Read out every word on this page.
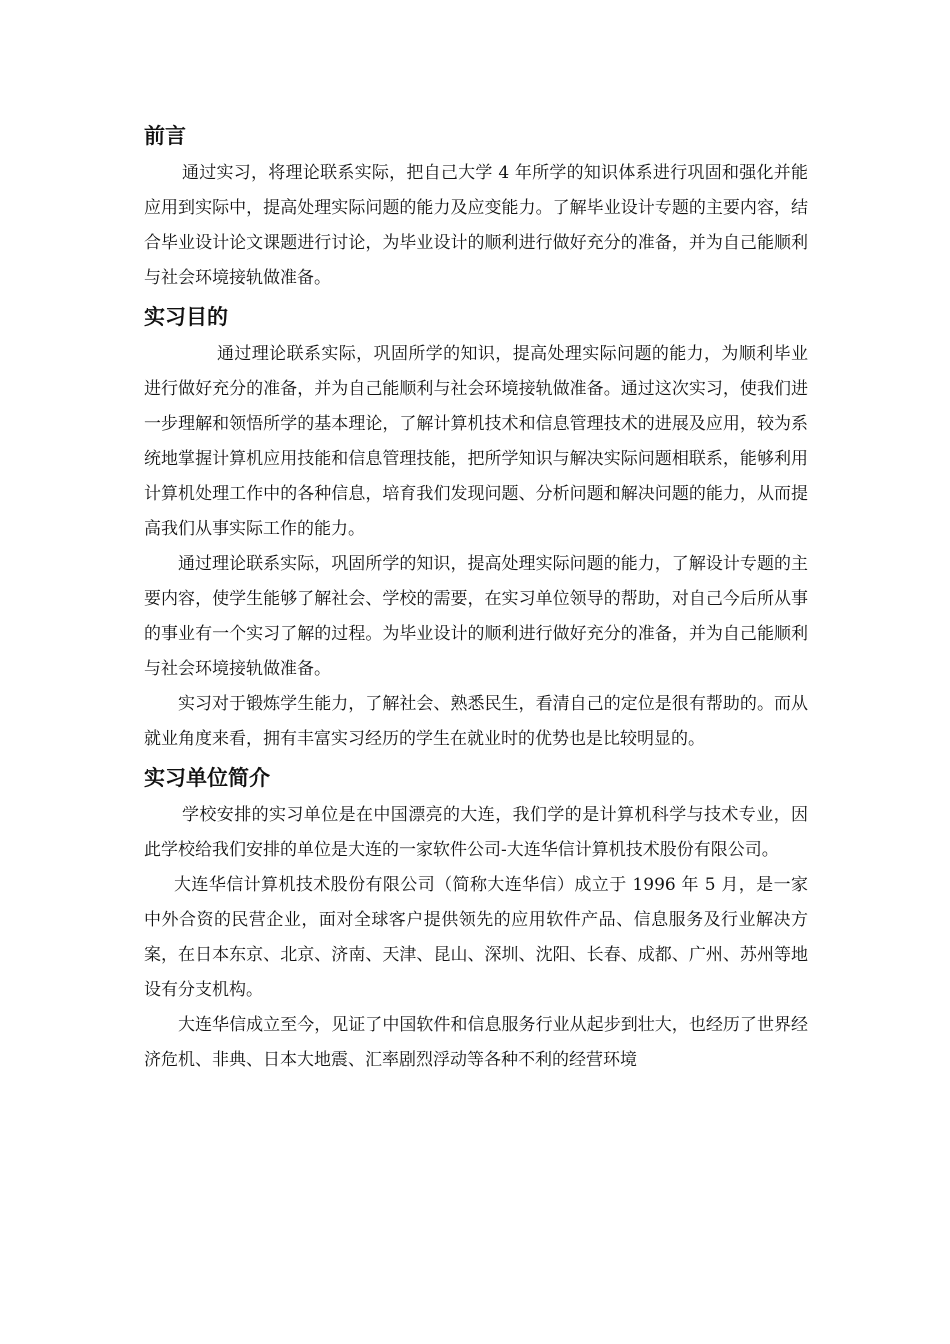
前言

通过实习，将理论联系实际，把自己大学 4 年所学的知识体系进行巩固和强化并能应用到实际中，提高处理实际问题的能力及应变能力。了解毕业设计专题的主要内容，结合毕业设计论文课题进行讨论，为毕业设计的顺利进行做好充分的准备，并为自己能顺利与社会环境接轨做准备。

实习目的

通过理论联系实际，巩固所学的知识，提高处理实际问题的能力，为顺利毕业进行做好充分的准备，并为自己能顺利与社会环境接轨做准备。通过这次实习，使我们进一步理解和领悟所学的基本理论，了解计算机技术和信息管理技术的进展及应用，较为系统地掌握计算机应用技能和信息管理技能，把所学知识与解决实际问题相联系，能够利用计算机处理工作中的各种信息，培育我们发现问题、分析问题和解决问题的能力，从而提高我们从事实际工作的能力。

通过理论联系实际，巩固所学的知识，提高处理实际问题的能力，了解设计专题的主要内容，使学生能够了解社会、学校的需要，在实习单位领导的帮助，对自己今后所从事的事业有一个实习了解的过程。为毕业设计的顺利进行做好充分的准备，并为自己能顺利与社会环境接轨做准备。

实习对于锻炼学生能力，了解社会、熟悉民生，看清自己的定位是很有帮助的。而从就业角度来看，拥有丰富实习经历的学生在就业时的优势也是比较明显的。

实习单位简介

学校安排的实习单位是在中国漂亮的大连，我们学的是计算机科学与技术专业，因此学校给我们安排的单位是大连的一家软件公司-大连华信计算机技术股份有限公司。

大连华信计算机技术股份有限公司（简称大连华信）成立于 1996 年 5 月，是一家中外合资的民营企业，面对全球客户提供领先的应用软件产品、信息服务及行业解决方案，在日本东京、北京、济南、天津、昆山、深圳、沈阳、长春、成都、广州、苏州等地设有分支机构。

大连华信成立至今，见证了中国软件和信息服务行业从起步到壮大，也经历了世界经济危机、非典、日本大地震、汇率剧烈浮动等各种不利的经营环境
